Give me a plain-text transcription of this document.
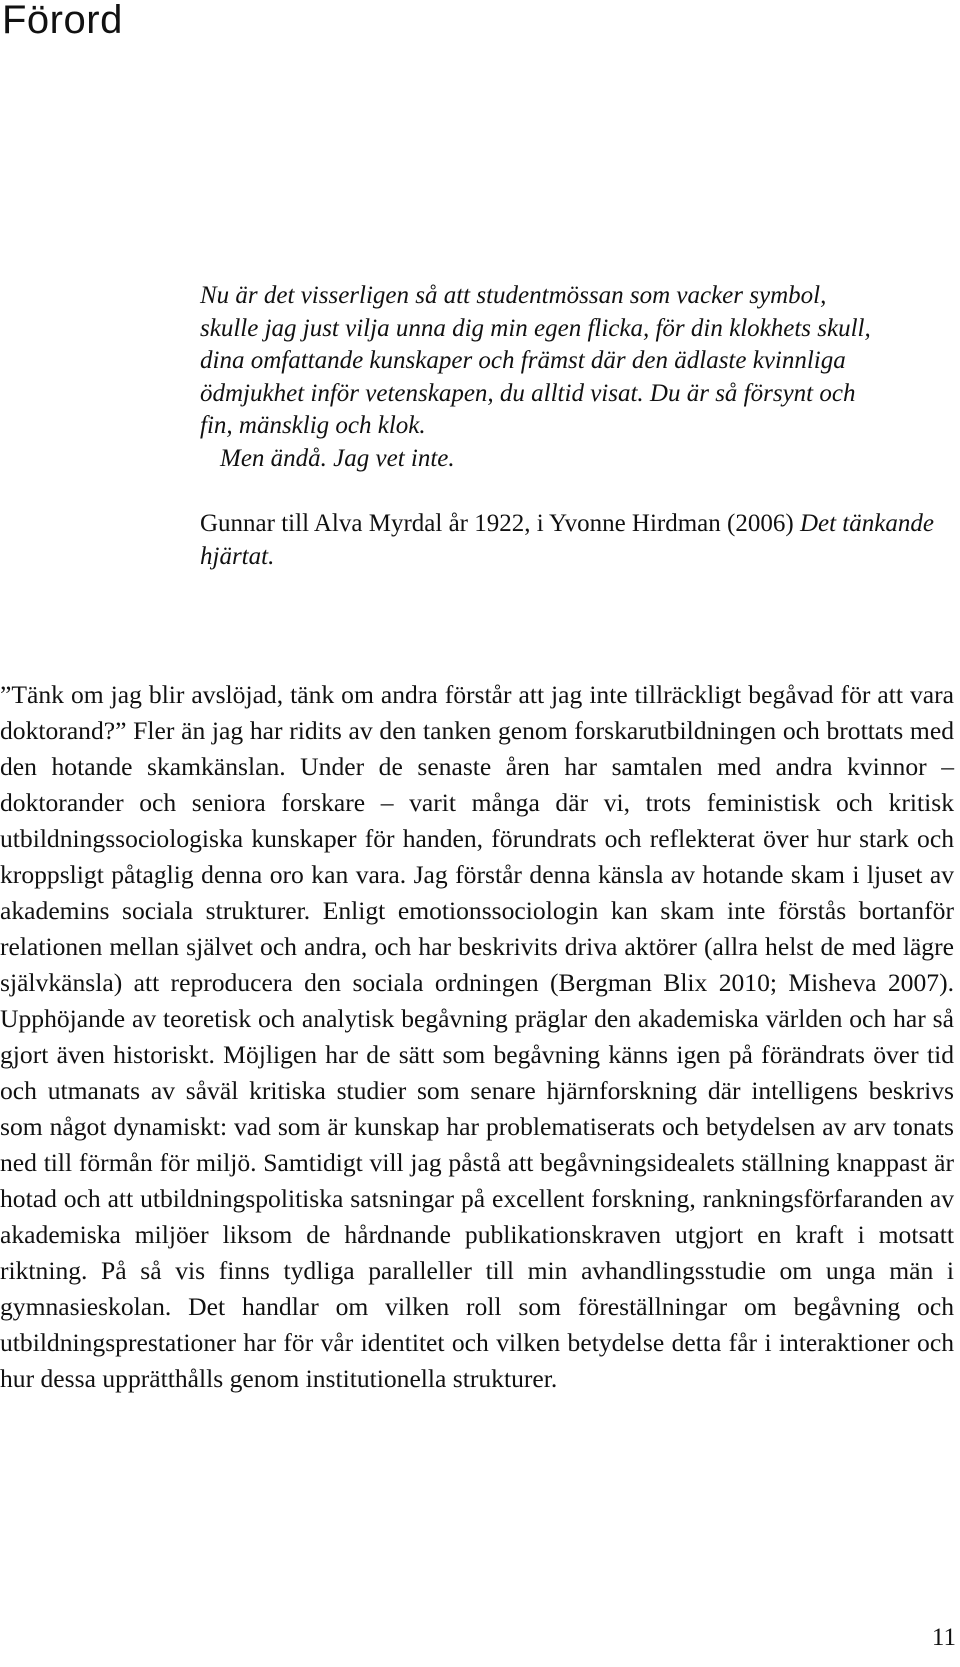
Förord
Nu är det visserligen så att studentmössan som vacker symbol,
skulle jag just vilja unna dig min egen flicka, för din klokhets skull,
dina omfattande kunskaper och främst där den ädlaste kvinnliga
ödmjukhet inför vetenskapen, du alltid visat. Du är så försynt och
fin, mänsklig och klok.
Men ändå. Jag vet inte.
Gunnar till Alva Myrdal år 1922, i Yvonne Hirdman (2006) Det tänkande hjärtat.

”Tänk om jag blir avslöjad, tänk om andra förstår att jag inte tillräckligt begåvad för att vara doktorand?” Fler än jag har ridits av den tanken genom forskarutbildningen och brottats med den hotande skamkänslan. Under de senaste åren har samtalen med andra kvinnor – doktorander och seniora forskare – varit många där vi, trots feministisk och kritisk utbildningssociologiska kunskaper för handen, förundrats och reflekterat över hur stark och kroppsligt påtaglig denna oro kan vara. Jag förstår denna känsla av hotande skam i ljuset av akademins sociala strukturer. Enligt emotionssociologin kan skam inte förstås bortanför relationen mellan självet och andra, och har beskrivits driva aktörer (allra helst de med lägre självkänsla) att reproducera den sociala ordningen (Bergman Blix 2010; Misheva 2007). Upphöjande av teoretisk och analytisk begåvning präglar den akademiska världen och har så gjort även historiskt. Möjligen har de sätt som begåvning känns igen på förändrats över tid och utmanats av såväl kritiska studier som senare hjärnforskning där intelligens beskrivs som något dynamiskt: vad som är kunskap har problematiserats och betydelsen av arv tonats ned till förmån för miljö. Samtidigt vill jag påstå att begåvningsidealets ställning knappast är hotad och att utbildningspolitiska satsningar på excellent forskning, rankningsförfaranden av akademiska miljöer liksom de hårdnande publikationskraven utgjort en kraft i motsatt riktning. På så vis finns tydliga paralleller till min avhandlingsstudie om unga män i gymnasieskolan. Det handlar om vilken roll som föreställningar om begåvning och utbildningsprestationer har för vår identitet och vilken betydelse detta får i interaktioner och hur dessa upprätthålls genom institutionella strukturer.

11
